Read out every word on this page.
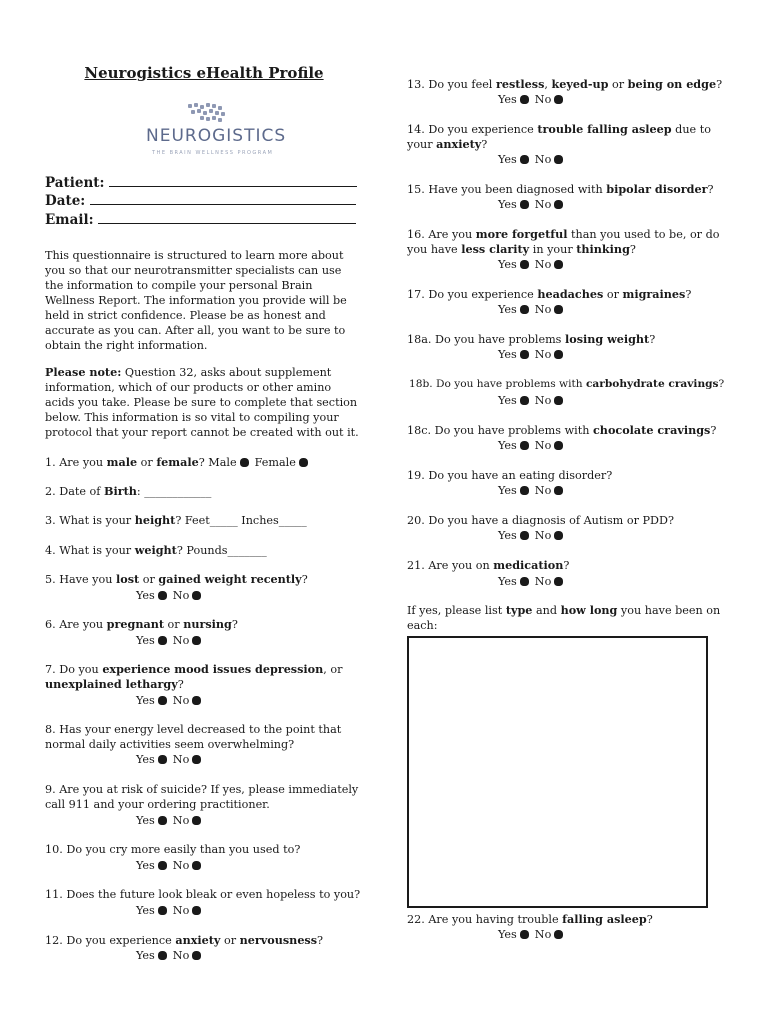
Neurogistics eHealth Profile
NEUROGISTICS
THE BRAIN WELLNESS PROGRAM
Patient:
Date:
Email:
This questionnaire is structured to learn more about you so that our neurotransmitter specialists can use the information to compile your personal Brain Wellness Report. The information you provide will be held in strict confidence. Please be as honest and accurate as you can. After all, you want to be sure to obtain the right information.
Please note: Question 32, asks about supplement information, which of our products or other amino acids you take. Please be sure to complete that section below. This information is so vital to compiling your protocol that your report cannot be created with out it.
1. Are you male or female? Male Female
2. Date of Birth: ____________
3. What is your height? Feet_____ Inches_____
4. What is your weight? Pounds_______
5. Have you lost or gained weight recently?
Yes No
6. Are you pregnant or nursing?
Yes No
7. Do you experience mood issues depression, or unexplained lethargy?
Yes No
8. Has your energy level decreased to the point that normal daily activities seem overwhelming?
Yes No
9. Are you at risk of suicide? If yes, please immediately call 911 and your ordering practitioner.
Yes No
10. Do you cry more easily than you used to?
Yes No
11. Does the future look bleak or even hopeless to you?
Yes No
12. Do you experience anxiety or nervousness?
Yes No
13. Do you feel restless, keyed-up or being on edge?
Yes No
14. Do you experience trouble falling asleep due to your anxiety?
Yes No
15. Have you been diagnosed with bipolar disorder?
Yes No
16. Are you more forgetful than you used to be, or do you have less clarity in your thinking?
Yes No
17. Do you experience headaches or migraines?
Yes No
18a. Do you have problems losing weight?
Yes No
18b. Do you have problems with carbohydrate cravings?
Yes No
18c. Do you have problems with chocolate cravings?
Yes No
19. Do you have an eating disorder?
Yes No
20. Do you have a diagnosis of Autism or PDD?
Yes No
21. Are you on medication?
Yes No
If yes, please list type and how long you have been on each:
22. Are you having trouble falling asleep?
Yes No
